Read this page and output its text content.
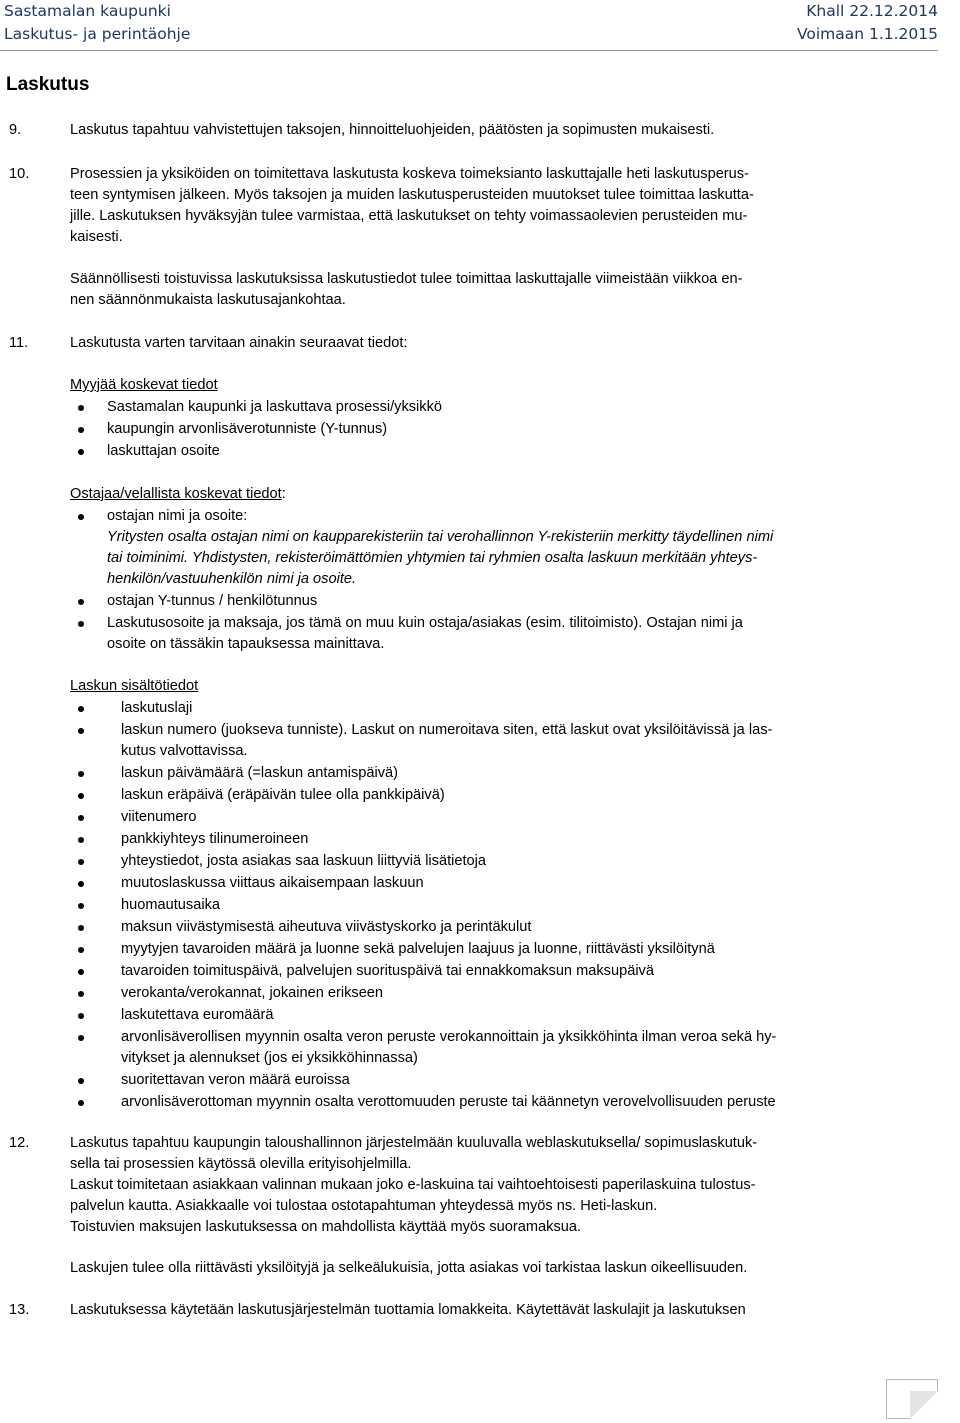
Sastamalan kaupunki	Khall 22.12.2014
Laskutus- ja perintäohje	Voimaan 1.1.2015
Laskutus
9.	Laskutus tapahtuu vahvistettujen taksojen, hinnoitteluohjeiden, päätösten ja sopimusten mukaisesti.
10.	Prosessien ja yksiköiden on toimitettava laskutusta koskeva toimeksianto laskuttajalle heti laskutusperus-
teen syntymisen jälkeen. Myös taksojen ja muiden laskutusperusteiden muutokset tulee toimittaa laskutta-
jille. Laskutuksen hyväksyjän tulee varmistaa, että laskutukset on tehty voimassaolevien perusteiden mu-
kaisesti.
Säännöllisesti toistuvissa laskutuksissa laskutustiedot tulee toimittaa laskuttajalle viimeistään viikkoa en-
nen säännönmukaista laskutusajankohtaa.
11.	Laskutusta varten tarvitaan ainakin seuraavat tiedot:
Myyjää koskevat tiedot
Sastamalan kaupunki ja laskuttava prosessi/yksikkö
kaupungin arvonlisäverotunniste (Y-tunnus)
laskuttajan osoite
Ostajaa/velallista koskevat tiedot:
ostajan nimi ja osoite:
Yritysten osalta ostajan nimi on kaupparekisteriin tai verohallinnon Y-rekisteriin merkitty täydellinen nimi
tai toiminimi. Yhdistysten, rekisteröimättömien yhtymien tai ryhmien osalta laskuun merkitään yhteys-
henkilön/vastuuhenkilön nimi ja osoite.
ostajan Y-tunnus / henkilötunnus
Laskutusosoite ja maksaja, jos tämä on muu kuin ostaja/asiakas (esim. tilitoimisto). Ostajan nimi ja
osoite on tässäkin tapauksessa mainittava.
Laskun sisältötiedot
laskutuslaji
laskun numero (juokseva tunniste). Laskut on numeroitava siten, että laskut ovat yksilöitävissä ja las-
kutus valvottavissa.
laskun päivämäärä (=laskun antamispäivä)
laskun eräpäivä (eräpäivän tulee olla pankkipäivä)
viitenumero
pankkiyhteys tilinumeroineen
yhteystiedot, josta asiakas saa laskuun liittyviä lisätietoja
muutoslaskussa viittaus aikaisempaan laskuun
huomautusaika
maksun viivästymisestä aiheutuva viivästyskorko ja perintäkulut
myytyjen tavaroiden määrä ja luonne sekä palvelujen laajuus ja luonne, riittävästi yksilöitynä
tavaroiden toimituspäivä, palvelujen suorituspäivä tai ennakkomaksun maksupäivä
verokanta/verokannat, jokainen erikseen
laskutettava euromäärä
arvonlisäverollisen myynnin osalta veron peruste verokannoittain ja yksikköhinta ilman veroa sekä hy-
vitykset ja alennukset (jos ei yksikköhinnassa)
suoritettavan veron määrä euroissa
arvonlisäverottoman myynnin osalta verottomuuden peruste tai käännetyn verovelvollisuuden peruste
12.	Laskutus tapahtuu kaupungin taloushallinnon järjestelmään kuuluvalla weblaskutuksella/ sopimuslaskutuk-
sella tai prosessien käytössä olevilla erityisohjelmilla.
Laskut toimitetaan asiakkaan valinnan mukaan joko e-laskuina tai vaihtoehtoisesti paperilaskuina tulostus-
palvelun kautta. Asiakkaalle voi tulostaa ostotapahtuman yhteydessä myös ns. Heti-laskun.
Toistuvien maksujen laskutuksessa on mahdollista käyttää myös suoramaksua.
Laskujen tulee olla riittävästi yksilöityjä ja selkeälukuisia, jotta asiakas voi tarkistaa laskun oikeellisuuden.
13.	Laskutuksessa käytetään laskutusjärjestelmän tuottamia lomakkeita. Käytettävät laskulajit ja laskutuksen
2
